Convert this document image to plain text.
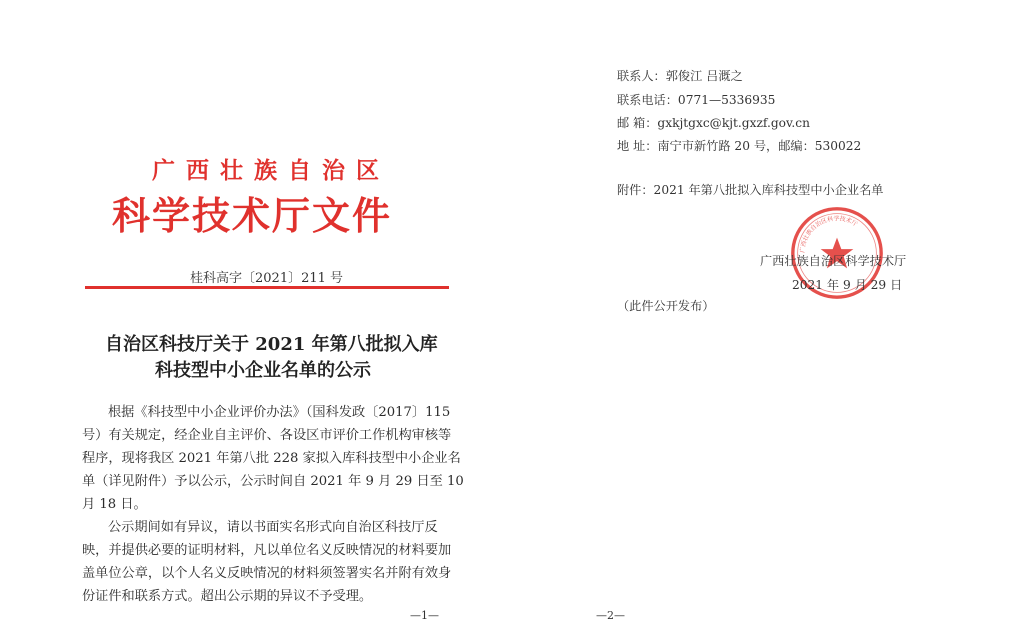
广西壮族自治区
科学技术厅文件
桂科高字〔2021〕211 号
自治区科技厅关于 2021 年第八批拟入库
科技型中小企业名单的公示
根据《科技型中小企业评价办法》（国科发政〔2017〕115
号）有关规定，经企业自主评价、各设区市评价工作机构审核等
程序，现将我区 2021 年第八批 228 家拟入库科技型中小企业名
单（详见附件）予以公示，公示时间自 2021 年 9 月 29 日至 10
月 18 日。
公示期间如有异议，请以书面实名形式向自治区科技厅反
映，并提供必要的证明材料，凡以单位名义反映情况的材料要加
盖单位公章，以个人名义反映情况的材料须签署实名并附有效身
份证件和联系方式。超出公示期的异议不予受理。
—1—
联系人：郭俊江 吕溉之
联系电话：0771—5336935
邮 箱：gxkjtgxc@kjt.gxzf.gov.cn
地 址：南宁市新竹路 20 号，邮编：530022
附件：2021 年第八批拟入库科技型中小企业名单
广西壮族自治区科学技术厅
2021 年 9 月 29 日
（此件公开发布）
—2—
广西壮族自治区科学技术厅
